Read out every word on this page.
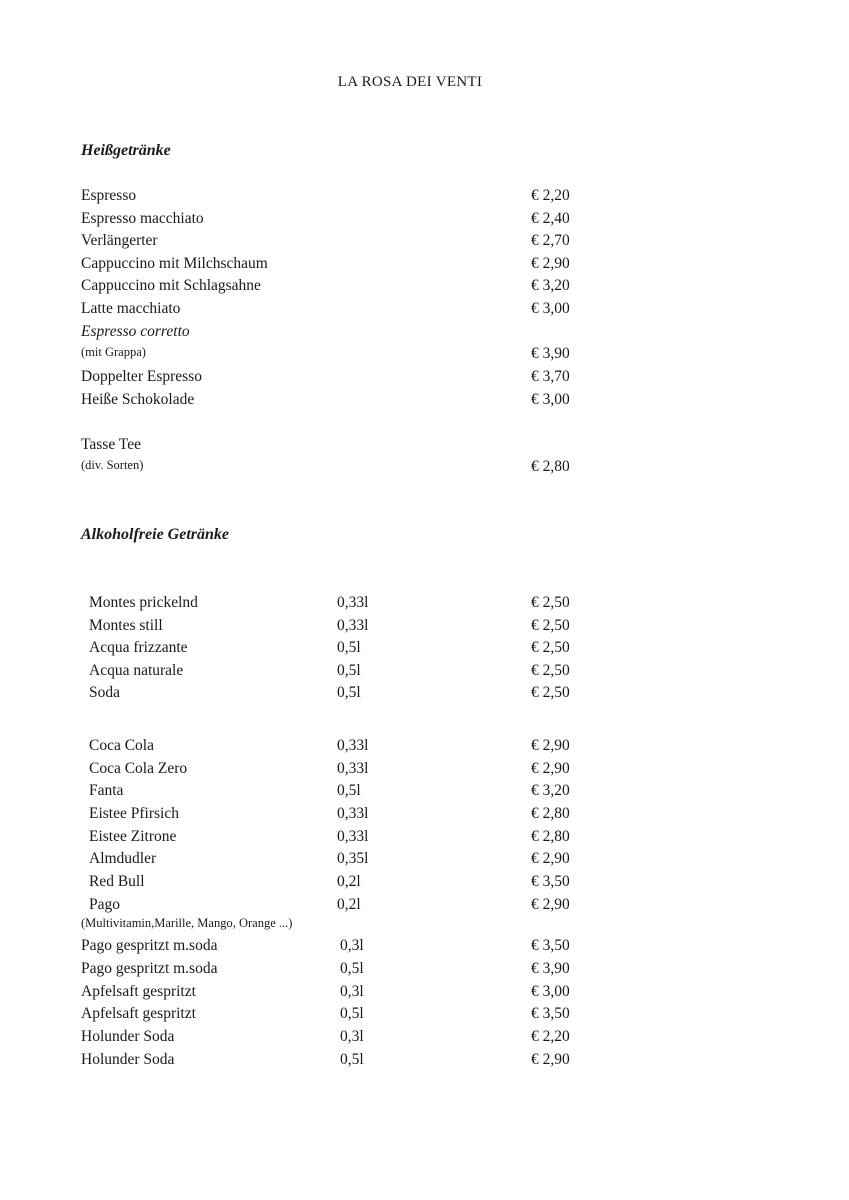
LA ROSA DEI VENTI
Heißgetränke
Espresso	€ 2,20
Espresso macchiato	€ 2,40
Verlängerter	€ 2,70
Cappuccino mit Milchschaum	€ 2,90
Cappuccino mit Schlagsahne	€ 3,20
Latte macchiato	€ 3,00
Espresso corretto
(mit Grappa)	€ 3,90
Doppelter Espresso	€ 3,70
Heiße Schokolade	€ 3,00
Tasse Tee
(div. Sorten)	€ 2,80
Alkoholfreie Getränke
Montes prickelnd	0,33l	€ 2,50
Montes still	0,33l	€ 2,50
Acqua frizzante	0,5l	€ 2,50
Acqua naturale	0,5l	€ 2,50
Soda	0,5l	€ 2,50
Coca Cola	0,33l	€ 2,90
Coca Cola Zero	0,33l	€ 2,90
Fanta	0,5l	€ 3,20
Eistee Pfirsich	0,33l	€ 2,80
Eistee Zitrone	0,33l	€ 2,80
Almdudler	0,35l	€ 2,90
Red Bull	0,2l	€ 3,50
Pago	0,2l	€ 2,90
(Multivitamin,Marille, Mango, Orange ...)
Pago gespritzt m.soda	0,3l	€ 3,50
Pago gespritzt m.soda	0,5l	€ 3,90
Apfelsaft gespritzt	0,3l	€ 3,00
Apfelsaft gespritzt	0,5l	€ 3,50
Holunder Soda	0,3l	€ 2,20
Holunder Soda	0,5l	€ 2,90
